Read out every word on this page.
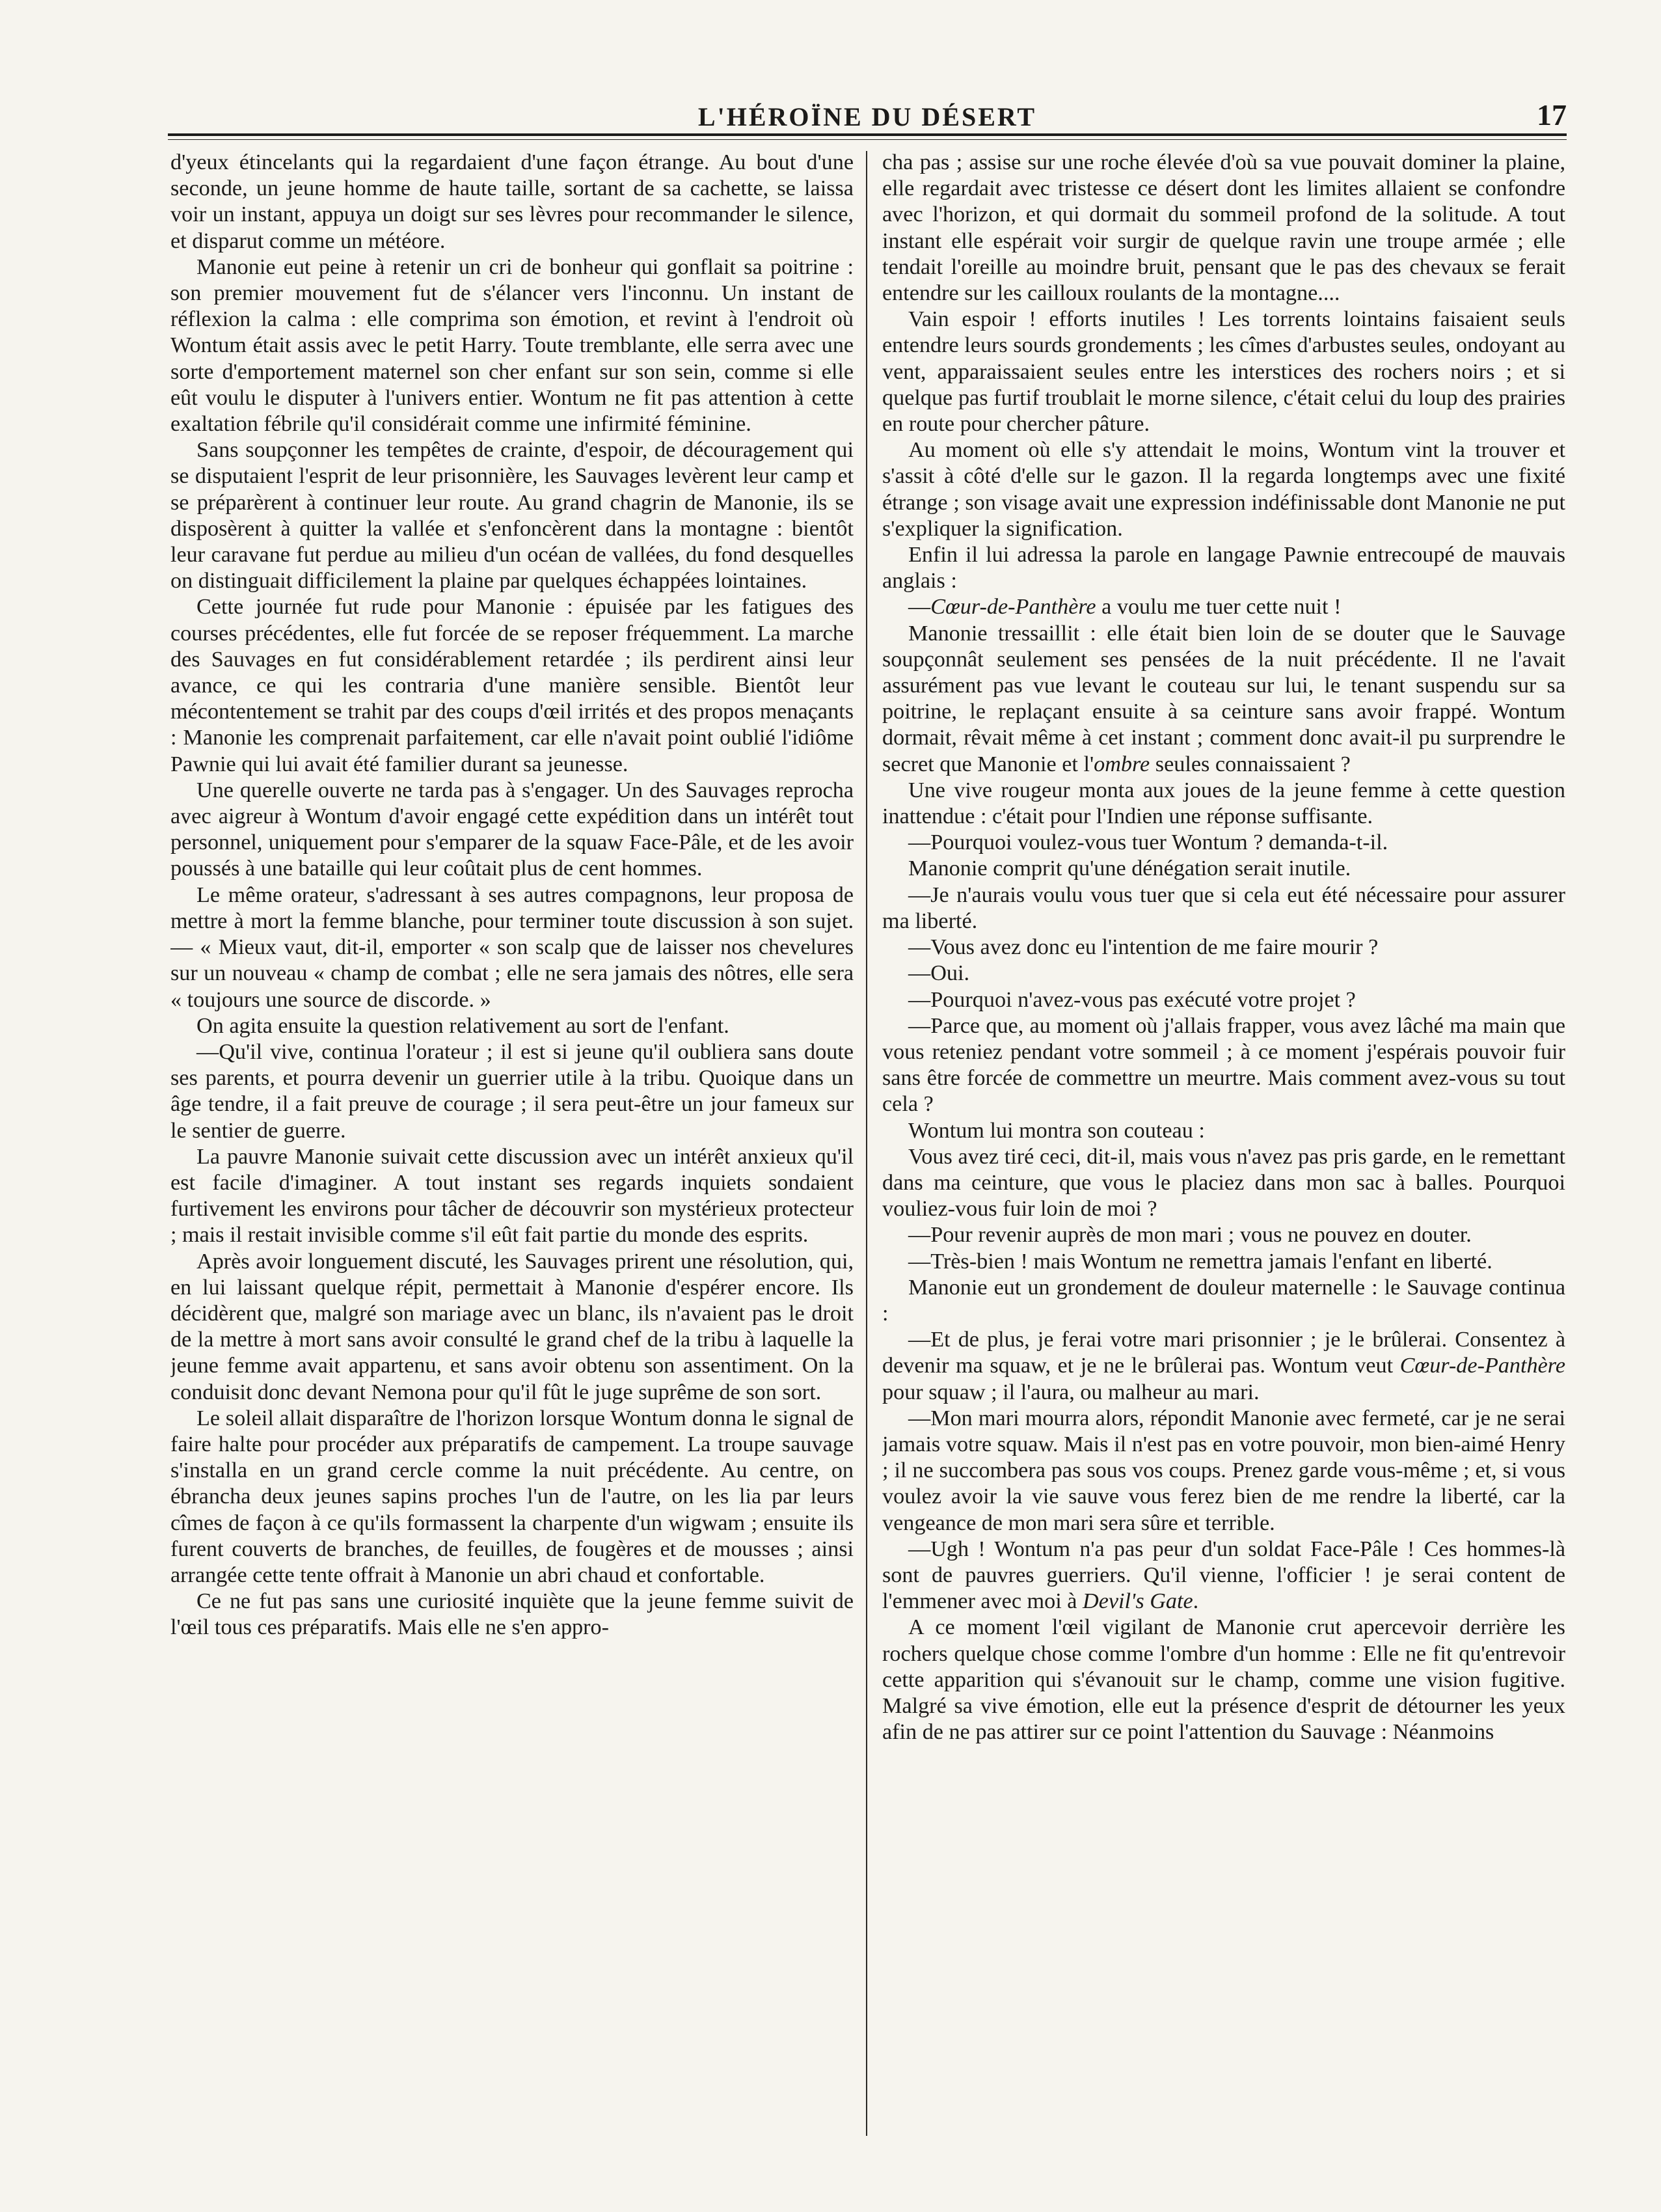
L'HÉROÏNE DU DÉSERT	17

d'yeux étincelants qui la regardaient d'une façon étrange. Au bout d'une seconde, un jeune homme de haute taille, sortant de sa cachette, se laissa voir un instant, appuya un doigt sur ses lèvres pour recommander le silence, et disparut comme un météore.

Manonie eut peine à retenir un cri de bonheur qui gonflait sa poitrine : son premier mouvement fut de s'élancer vers l'inconnu. Un instant de réflexion la calma : elle comprima son émotion, et revint à l'endroit où Wontum était assis avec le petit Harry. Toute tremblante, elle serra avec une sorte d'emportement maternel son cher enfant sur son sein, comme si elle eût voulu le disputer à l'univers entier. Wontum ne fit pas attention à cette exaltation fébrile qu'il considérait comme une infirmité féminine.

Sans soupçonner les tempêtes de crainte, d'espoir, de découragement qui se disputaient l'esprit de leur prisonnière, les Sauvages levèrent leur camp et se préparèrent à continuer leur route. Au grand chagrin de Manonie, ils se disposèrent à quitter la vallée et s'enfoncèrent dans la montagne : bientôt leur caravane fut perdue au milieu d'un océan de vallées, du fond desquelles on distinguait difficilement la plaine par quelques échappées lointaines.

Cette journée fut rude pour Manonie : épuisée par les fatigues des courses précédentes, elle fut forcée de se reposer fréquemment. La marche des Sauvages en fut considérablement retardée ; ils perdirent ainsi leur avance, ce qui les contraria d'une manière sensible. Bientôt leur mécontentement se trahit par des coups d'œil irrités et des propos menaçants : Manonie les comprenait parfaitement, car elle n'avait point oublié l'idiôme Pawnie qui lui avait été familier durant sa jeunesse.

Une querelle ouverte ne tarda pas à s'engager. Un des Sauvages reprocha avec aigreur à Wontum d'avoir engagé cette expédition dans un intérêt tout personnel, uniquement pour s'emparer de la squaw Face-Pâle, et de les avoir poussés à une bataille qui leur coûtait plus de cent hommes.

Le même orateur, s'adressant à ses autres compagnons, leur proposa de mettre à mort la femme blanche, pour terminer toute discussion à son sujet. — « Mieux vaut, dit-il, emporter « son scalp que de laisser nos chevelures sur un nouveau « champ de combat ; elle ne sera jamais des nôtres, elle sera « toujours une source de discorde. »

On agita ensuite la question relativement au sort de l'enfant.

—Qu'il vive, continua l'orateur ; il est si jeune qu'il oubliera sans doute ses parents, et pourra devenir un guerrier utile à la tribu. Quoique dans un âge tendre, il a fait preuve de courage ; il sera peut-être un jour fameux sur le sentier de guerre.

La pauvre Manonie suivait cette discussion avec un intérêt anxieux qu'il est facile d'imaginer. A tout instant ses regards inquiets sondaient furtivement les environs pour tâcher de découvrir son mystérieux protecteur ; mais il restait invisible comme s'il eût fait partie du monde des esprits.

Après avoir longuement discuté, les Sauvages prirent une résolution, qui, en lui laissant quelque répit, permettait à Manonie d'espérer encore. Ils décidèrent que, malgré son mariage avec un blanc, ils n'avaient pas le droit de la mettre à mort sans avoir consulté le grand chef de la tribu à laquelle la jeune femme avait appartenu, et sans avoir obtenu son assentiment. On la conduisit donc devant Nemona pour qu'il fût le juge suprême de son sort.

Le soleil allait disparaître de l'horizon lorsque Wontum donna le signal de faire halte pour procéder aux préparatifs de campement. La troupe sauvage s'installa en un grand cercle comme la nuit précédente. Au centre, on ébrancha deux jeunes sapins proches l'un de l'autre, on les lia par leurs cîmes de façon à ce qu'ils formassent la charpente d'un wigwam ; ensuite ils furent couverts de branches, de feuilles, de fougères et de mousses ; ainsi arrangée cette tente offrait à Manonie un abri chaud et confortable.

Ce ne fut pas sans une curiosité inquiète que la jeune femme suivit de l'œil tous ces préparatifs. Mais elle ne s'en appro-

cha pas ; assise sur une roche élevée d'où sa vue pouvait dominer la plaine, elle regardait avec tristesse ce désert dont les limites allaient se confondre avec l'horizon, et qui dormait du sommeil profond de la solitude. A tout instant elle espérait voir surgir de quelque ravin une troupe armée ; elle tendait l'oreille au moindre bruit, pensant que le pas des chevaux se ferait entendre sur les cailloux roulants de la montagne....

Vain espoir ! efforts inutiles ! Les torrents lointains faisaient seuls entendre leurs sourds grondements ; les cîmes d'arbustes seules, ondoyant au vent, apparaissaient seules entre les interstices des rochers noirs ; et si quelque pas furtif troublait le morne silence, c'était celui du loup des prairies en route pour chercher pâture.

Au moment où elle s'y attendait le moins, Wontum vint la trouver et s'assit à côté d'elle sur le gazon. Il la regarda longtemps avec une fixité étrange ; son visage avait une expression indéfinissable dont Manonie ne put s'expliquer la signification.

Enfin il lui adressa la parole en langage Pawnie entrecoupé de mauvais anglais :

—Cœur-de-Panthère a voulu me tuer cette nuit !

Manonie tressaillit : elle était bien loin de se douter que le Sauvage soupçonnât seulement ses pensées de la nuit précédente. Il ne l'avait assurément pas vue levant le couteau sur lui, le tenant suspendu sur sa poitrine, le replaçant ensuite à sa ceinture sans avoir frappé. Wontum dormait, rêvait même à cet instant ; comment donc avait-il pu surprendre le secret que Manonie et l'ombre seules connaissaient ?

Une vive rougeur monta aux joues de la jeune femme à cette question inattendue : c'était pour l'Indien une réponse suffisante.

—Pourquoi voulez-vous tuer Wontum ? demanda-t-il.

Manonie comprit qu'une dénégation serait inutile.

—Je n'aurais voulu vous tuer que si cela eut été nécessaire pour assurer ma liberté.

—Vous avez donc eu l'intention de me faire mourir ?

—Oui.

—Pourquoi n'avez-vous pas exécuté votre projet ?

—Parce que, au moment où j'allais frapper, vous avez lâché ma main que vous reteniez pendant votre sommeil ; à ce moment j'espérais pouvoir fuir sans être forcée de commettre un meurtre. Mais comment avez-vous su tout cela ?

Wontum lui montra son couteau :

Vous avez tiré ceci, dit-il, mais vous n'avez pas pris garde, en le remettant dans ma ceinture, que vous le placiez dans mon sac à balles. Pourquoi vouliez-vous fuir loin de moi ?

—Pour revenir auprès de mon mari ; vous ne pouvez en douter.

—Très-bien ! mais Wontum ne remettra jamais l'enfant en liberté.

Manonie eut un grondement de douleur maternelle : le Sauvage continua :

—Et de plus, je ferai votre mari prisonnier ; je le brûlerai. Consentez à devenir ma squaw, et je ne le brûlerai pas. Wontum veut Cœur-de-Panthère pour squaw ; il l'aura, ou malheur au mari.

—Mon mari mourra alors, répondit Manonie avec fermeté, car je ne serai jamais votre squaw. Mais il n'est pas en votre pouvoir, mon bien-aimé Henry ; il ne succombera pas sous vos coups. Prenez garde vous-même ; et, si vous voulez avoir la vie sauve vous ferez bien de me rendre la liberté, car la vengeance de mon mari sera sûre et terrible.

—Ugh ! Wontum n'a pas peur d'un soldat Face-Pâle ! Ces hommes-là sont de pauvres guerriers. Qu'il vienne, l'officier ! je serai content de l'emmener avec moi à Devil's Gate.

A ce moment l'œil vigilant de Manonie crut apercevoir derrière les rochers quelque chose comme l'ombre d'un homme : Elle ne fit qu'entrevoir cette apparition qui s'évanouit sur le champ, comme une vision fugitive. Malgré sa vive émotion, elle eut la présence d'esprit de détourner les yeux afin de ne pas attirer sur ce point l'attention du Sauvage : Néanmoins
